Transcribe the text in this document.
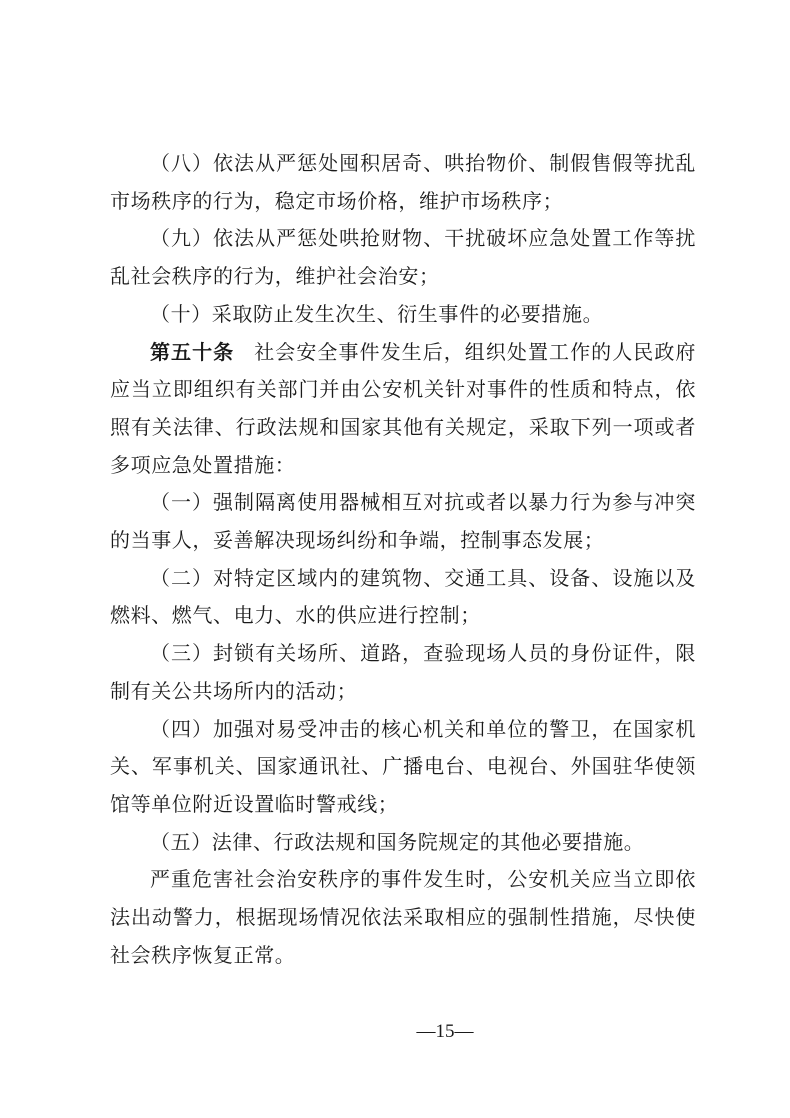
（八）依法从严惩处囤积居奇、哄抬物价、制假售假等扰乱市场秩序的行为，稳定市场价格，维护市场秩序；

（九）依法从严惩处哄抢财物、干扰破坏应急处置工作等扰乱社会秩序的行为，维护社会治安；

（十）采取防止发生次生、衍生事件的必要措施。

第五十条 社会安全事件发生后，组织处置工作的人民政府应当立即组织有关部门并由公安机关针对事件的性质和特点，依照有关法律、行政法规和国家其他有关规定，采取下列一项或者多项应急处置措施：

（一）强制隔离使用器械相互对抗或者以暴力行为参与冲突的当事人，妥善解决现场纠纷和争端，控制事态发展；

（二）对特定区域内的建筑物、交通工具、设备、设施以及燃料、燃气、电力、水的供应进行控制；

（三）封锁有关场所、道路，查验现场人员的身份证件，限制有关公共场所内的活动；

（四）加强对易受冲击的核心机关和单位的警卫，在国家机关、军事机关、国家通讯社、广播电台、电视台、外国驻华使领馆等单位附近设置临时警戒线；

（五）法律、行政法规和国务院规定的其他必要措施。

严重危害社会治安秩序的事件发生时，公安机关应当立即依法出动警力，根据现场情况依法采取相应的强制性措施，尽快使社会秩序恢复正常。

—15—
